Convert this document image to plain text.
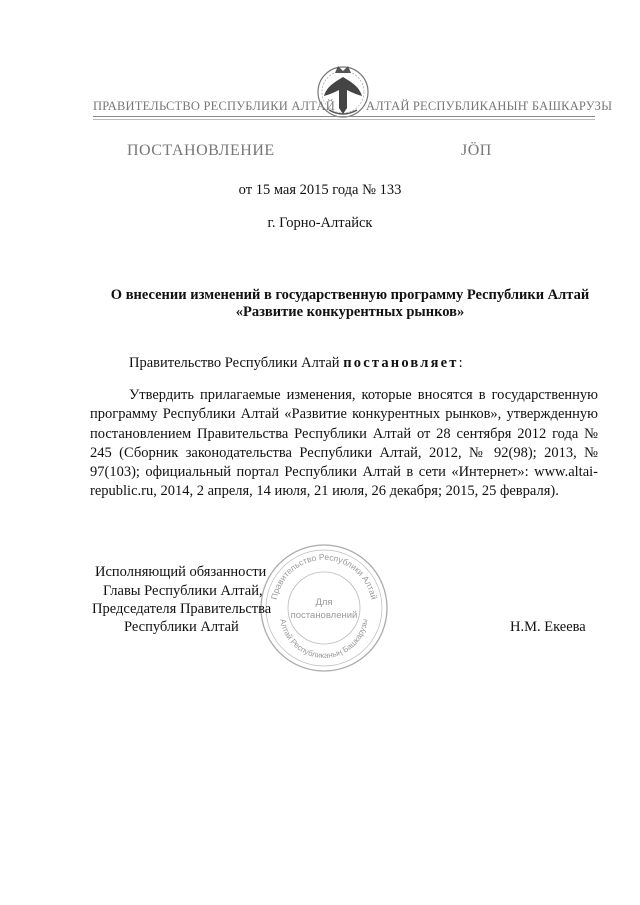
ПРАВИТЕЛЬСТВО РЕСПУБЛИКИ АЛТАЙ АЛТАЙ РЕСПУБЛИКАНЫҤ БАШКАРУЗЫ
ПОСТАНОВЛЕНИЕ	ЈÖП
от 15 мая 2015 года № 133
г. Горно-Алтайск
О внесении изменений в государственную программу Республики Алтай
«Развитие конкурентных рынков»
Правительство Республики Алтай постановляет:
Утвердить прилагаемые изменения, которые вносятся в государственную программу Республики Алтай «Развитие конкурентных рынков», утвержденную постановлением Правительства Республики Алтай от 28 сентября 2012 года № 245 (Сборник законодательства Республики Алтай, 2012, № 92(98); 2013, № 97(103); официальный портал Республики Алтай в сети «Интернет»: www.altai-republic.ru, 2014, 2 апреля, 14 июля, 21 июля, 26 декабря; 2015, 25 февраля).
Правительство Республики Алтай
Алтай Республиканың Башкарузы
Для
постановлений
Исполняющий обязанности
Главы Республики Алтай,
Председателя Правительства
Республики Алтай	Н.М. Екеева
